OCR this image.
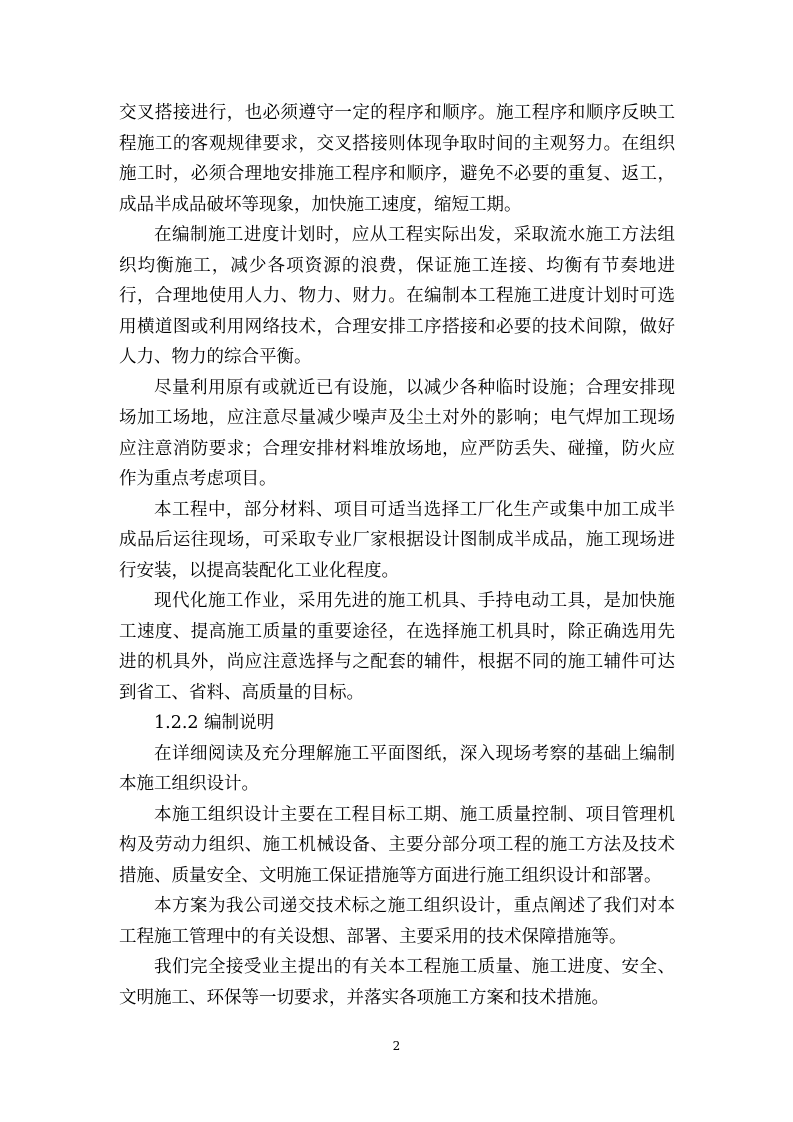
交叉搭接进行，也必须遵守一定的程序和顺序。施工程序和顺序反映工程施工的客观规律要求，交叉搭接则体现争取时间的主观努力。在组织施工时，必须合理地安排施工程序和顺序，避免不必要的重复、返工，成品半成品破坏等现象，加快施工速度，缩短工期。

在编制施工进度计划时，应从工程实际出发，采取流水施工方法组织均衡施工，减少各项资源的浪费，保证施工连接、均衡有节奏地进行，合理地使用人力、物力、财力。在编制本工程施工进度计划时可选用横道图或利用网络技术，合理安排工序搭接和必要的技术间隙，做好人力、物力的综合平衡。

尽量利用原有或就近已有设施，以减少各种临时设施；合理安排现场加工场地，应注意尽量减少噪声及尘土对外的影响；电气焊加工现场应注意消防要求；合理安排材料堆放场地，应严防丢失、碰撞，防火应作为重点考虑项目。

本工程中，部分材料、项目可适当选择工厂化生产或集中加工成半成品后运往现场，可采取专业厂家根据设计图制成半成品，施工现场进行安装，以提高装配化工业化程度。

现代化施工作业，采用先进的施工机具、手持电动工具，是加快施工速度、提高施工质量的重要途径，在选择施工机具时，除正确选用先进的机具外，尚应注意选择与之配套的辅件，根据不同的施工辅件可达到省工、省料、高质量的目标。

1.2.2 编制说明

在详细阅读及充分理解施工平面图纸，深入现场考察的基础上编制本施工组织设计。

本施工组织设计主要在工程目标工期、施工质量控制、项目管理机构及劳动力组织、施工机械设备、主要分部分项工程的施工方法及技术措施、质量安全、文明施工保证措施等方面进行施工组织设计和部署。

本方案为我公司递交技术标之施工组织设计，重点阐述了我们对本工程施工管理中的有关设想、部署、主要采用的技术保障措施等。

我们完全接受业主提出的有关本工程施工质量、施工进度、安全、文明施工、环保等一切要求，并落实各项施工方案和技术措施。

2
